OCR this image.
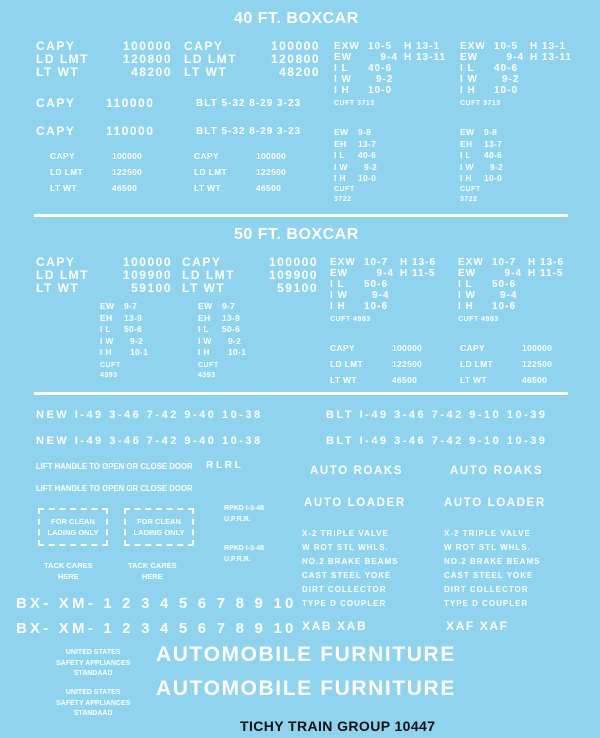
40 FT. BOXCAR
CAPY	100000
LD LMT	120800
LT WT	48200
CAPY	100000
LD LMT	120800
LT WT	48200
EXW 10-5 H 13-1
EW	9-4 H 13-11
I L 40-6
I W 9-2
I H 10-0
CUFT 3713
EXW 10-5 H 13-1
EW	9-4 H 13-11
I L 40-6
I W 9-2
I H 10-0
CUFT 3713
CAPY	110000	BLT 5-32 8-29 3-23
CAPY	110000	BLT 5-32 8-29 3-23
CAPY	100000
LD LMT	122500
LT WT	46500
CAPY	100000
LD LMT	122500
LT WT	46500
EW 9-8
EH 13-7
I L 40-6
I W 9-2
I H 10-0
CUFT
3722
EW 9-8
EH 13-7
I L 40-6
I W 9-2
I H 10-0
CUFT
3722
50 FT. BOXCAR
CAPY	100000
LD LMT	109900
LT WT	59100
CAPY	100000
LD LMT	109900
LT WT	59100
EXW 10-7 H 13-6
EW	9-4 H 11-5
I L 50-6
I W 9-4
I H 10-6
CUFT 4983
EXW 10-7 H 13-6
EW	9-4 H 11-5
I L 50-6
I W 9-4
I H 10-6
CUFT 4983
EW 9-7
EH 13-9
I L 50-6
I W 9-2
I H 10-1
CUFT
4393
EW 9-7
EH 13-9
I L 50-6
I W 9-2
I H 10-1
CUFT
4393
CAPY	100000
LD LMT	122500
LT WT	46500
CAPY	100000
LD LMT	122500
LT WT	46500
NEW I-49 3-46 7-42 9-40 10-38	BLT I-49 3-46 7-42 9-10 10-39
NEW I-49 3-46 7-42 9-40 10-38	BLT I-49 3-46 7-42 9-10 10-39
LIFT HANDLE TO OPEN OR CLOSE DOOR R L R L
LIFT HANDLE TO OPEN OR CLOSE DOOR
FOR CLEAN
LADING ONLY
FOR CLEAN
LADING ONLY
RPKD I-3-48
U.P.R.R.
RPKD I-3-48
U.P.R.R.
TACK CARES
HERE
TACK CARES
HERE
AUTO ROAKS	AUTO ROAKS
AUTO LOADER	AUTO LOADER
X-2 TRIPLE VALVE
W ROT STL WHLS.
NO.2 BRAKE BEAMS
CAST STEEL YOKE
DIRT COLLECTOR
TYPE D COUPLER
X-2 TRIPLE VALVE
W ROT STL WHLS.
NO.2 BRAKE BEAMS
CAST STEEL YOKE
DIRT COLLECTOR
TYPE D COUPLER
BX- XM- 1 2 3 4 5 6 7 8 9 10
BX- XM- 1 2 3 4 5 6 7 8 9 10 XAB XAB	XAF XAF
UNITED STATES
SAFETY APPLIANCES
STANDAAD
UNITED STATES
SAFETY APPLIANCES
STANDAAD
AUTOMOBILE FURNITURE
AUTOMOBILE FURNITURE
TICHY TRAIN GROUP 10447
